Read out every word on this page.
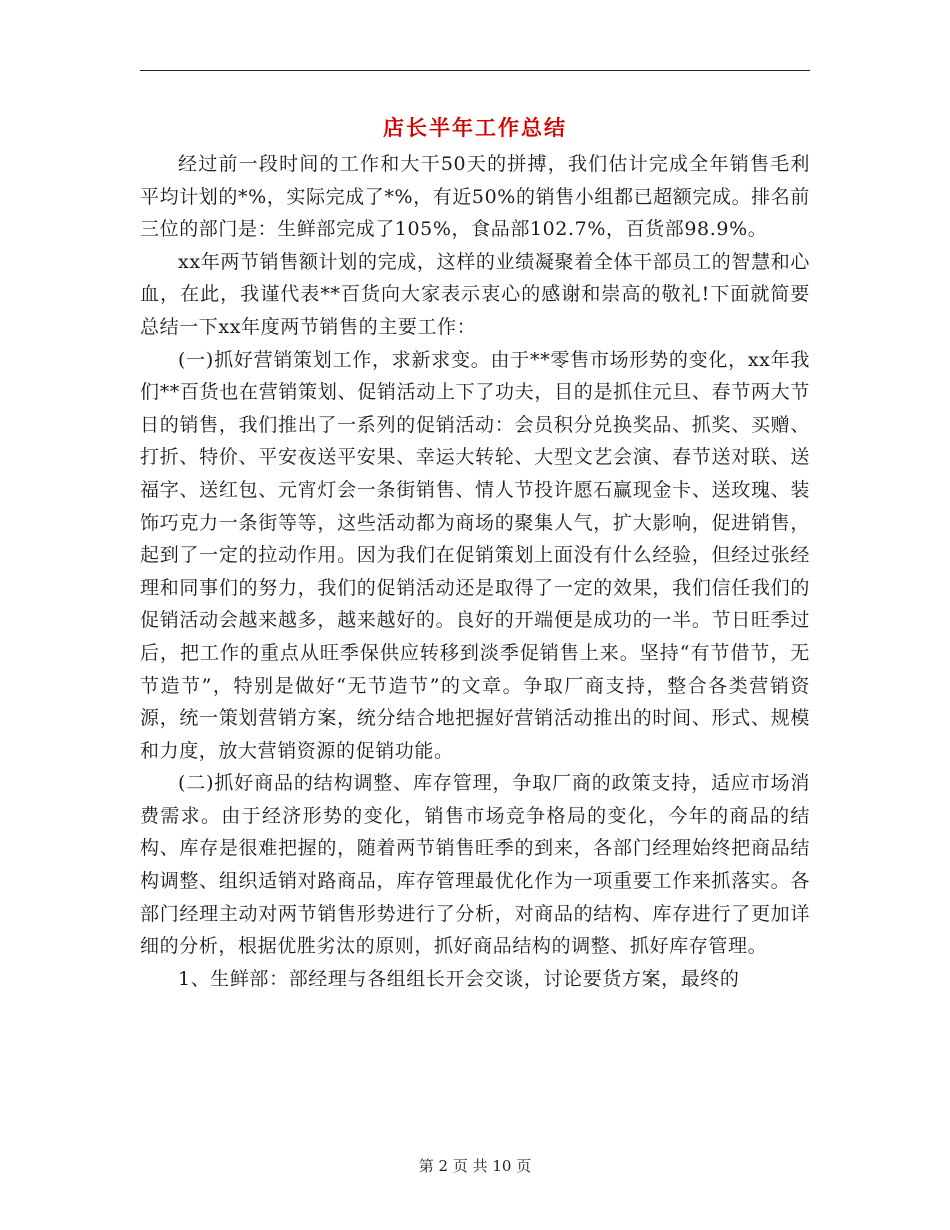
店长半年工作总结

经过前一段时间的工作和大干50天的拼搏，我们估计完成全年销售毛利平均计划的*%，实际完成了*%，有近50%的销售小组都已超额完成。排名前三位的部门是：生鲜部完成了105%，食品部102.7%，百货部98.9%。

xx年两节销售额计划的完成，这样的业绩凝聚着全体干部员工的智慧和心血，在此，我谨代表**百货向大家表示衷心的感谢和崇高的敬礼!下面就简要总结一下xx年度两节销售的主要工作：

(一)抓好营销策划工作，求新求变。由于**零售市场形势的变化，xx年我们**百货也在营销策划、促销活动上下了功夫，目的是抓住元旦、春节两大节日的销售，我们推出了一系列的促销活动：会员积分兑换奖品、抓奖、买赠、打折、特价、平安夜送平安果、幸运大转轮、大型文艺会演、春节送对联、送福字、送红包、元宵灯会一条街销售、情人节投许愿石赢现金卡、送玫瑰、装饰巧克力一条街等等，这些活动都为商场的聚集人气，扩大影响，促进销售，起到了一定的拉动作用。因为我们在促销策划上面没有什么经验，但经过张经理和同事们的努力，我们的促销活动还是取得了一定的效果，我们信任我们的促销活动会越来越多，越来越好的。良好的开端便是成功的一半。节日旺季过后，把工作的重点从旺季保供应转移到淡季促销售上来。坚持“有节借节，无节造节”，特别是做好“无节造节”的文章。争取厂商支持，整合各类营销资源，统一策划营销方案，统分结合地把握好营销活动推出的时间、形式、规模和力度，放大营销资源的促销功能。

(二)抓好商品的结构调整、库存管理，争取厂商的政策支持，适应市场消费需求。由于经济形势的变化，销售市场竞争格局的变化，今年的商品的结构、库存是很难把握的，随着两节销售旺季的到来，各部门经理始终把商品结构调整、组织适销对路商品，库存管理最优化作为一项重要工作来抓落实。各部门经理主动对两节销售形势进行了分析，对商品的结构、库存进行了更加详细的分析，根据优胜劣汰的原则，抓好商品结构的调整、抓好库存管理。

1、生鲜部：部经理与各组组长开会交谈，讨论要货方案，最终的

第 2 页 共 10 页
